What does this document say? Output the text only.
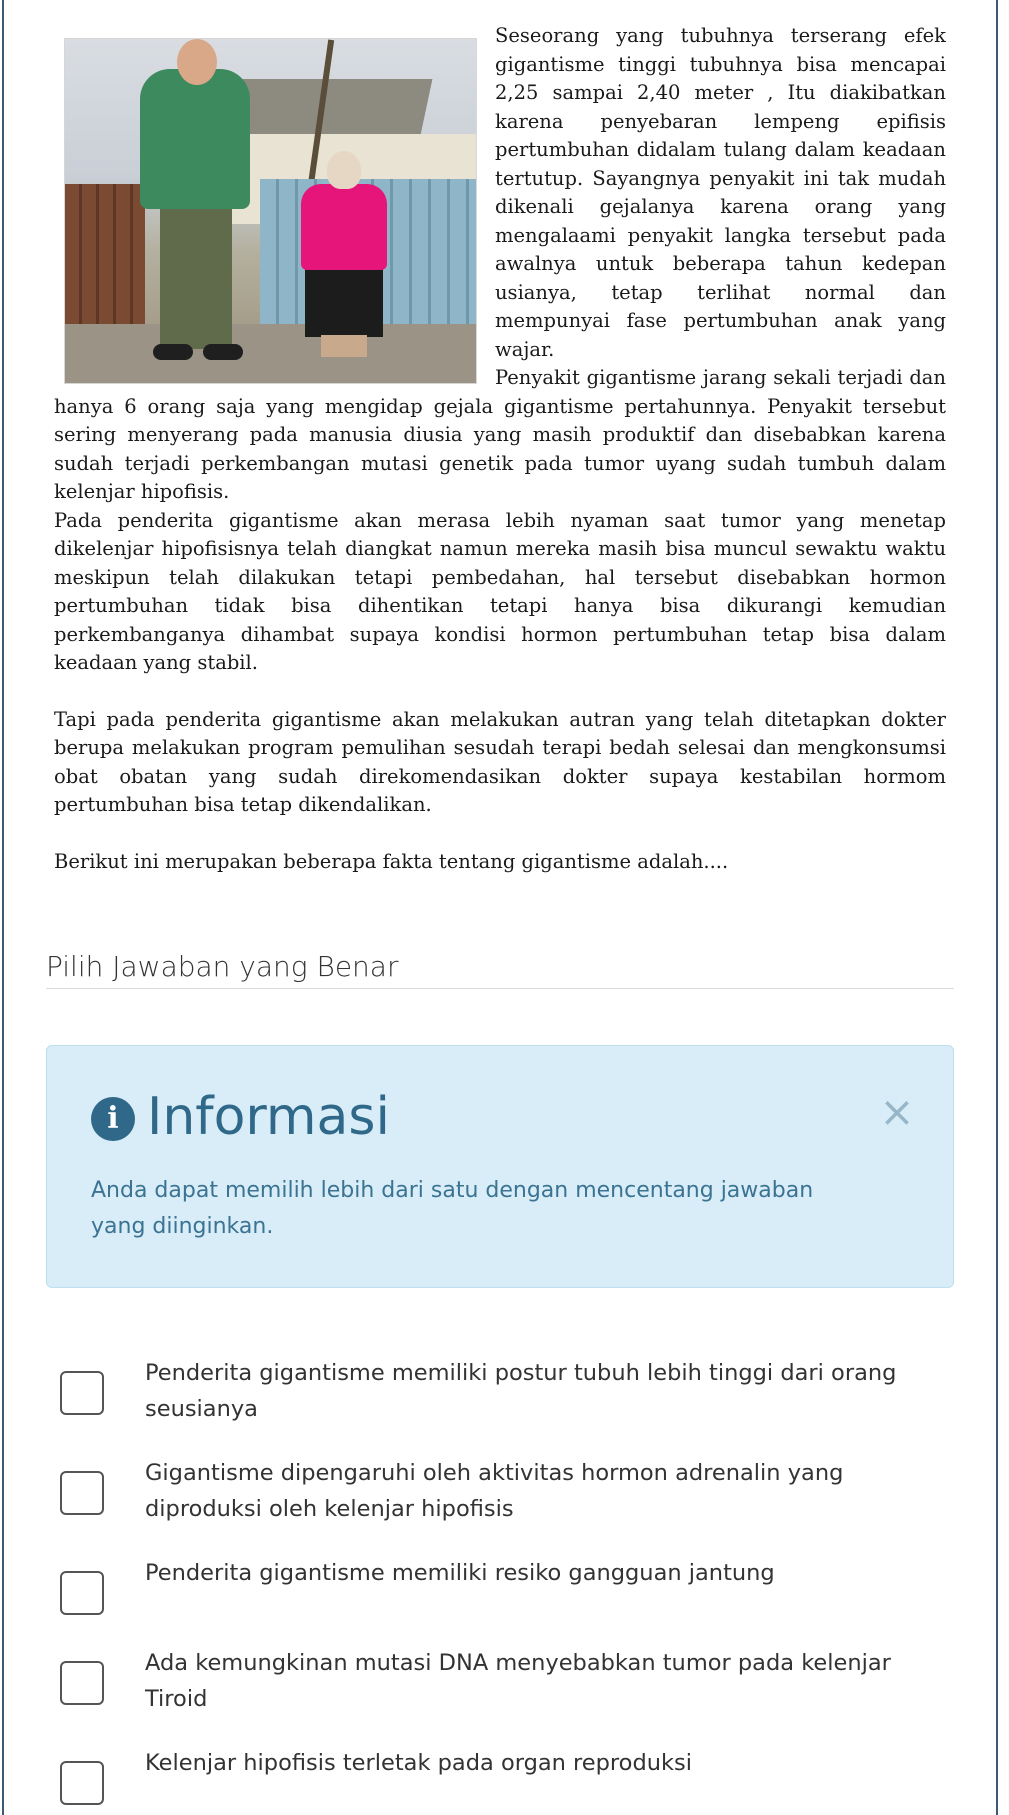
Seseorang yang tubuhnya terserang efek gigantisme tinggi tubuhnya bisa mencapai 2,25 sampai 2,40 meter , Itu diakibatkan karena penyebaran lempeng epifisis pertumbuhan didalam tulang dalam keadaan tertutup. Sayangnya penyakit ini tak mudah dikenali gejalanya karena orang yang mengalaami penyakit langka tersebut pada awalnya untuk beberapa tahun kedepan usianya, tetap terlihat normal dan mempunyai fase pertumbuhan anak yang wajar.

Penyakit gigantisme jarang sekali terjadi dan hanya 6 orang saja yang mengidap gejala gigantisme pertahunnya. Penyakit tersebut sering menyerang pada manusia diusia yang masih produktif dan disebabkan karena sudah terjadi perkembangan mutasi genetik pada tumor uyang sudah tumbuh dalam kelenjar hipofisis.

Pada penderita gigantisme akan merasa lebih nyaman saat tumor yang menetap dikelenjar hipofisisnya telah diangkat namun mereka masih bisa muncul sewaktu waktu meskipun telah dilakukan tetapi pembedahan, hal tersebut disebabkan hormon pertumbuhan tidak bisa dihentikan tetapi hanya bisa dikurangi kemudian perkembanganya dihambat supaya kondisi hormon pertumbuhan tetap bisa dalam keadaan yang stabil.

Tapi pada penderita gigantisme akan melakukan autran yang telah ditetapkan dokter berupa melakukan program pemulihan sesudah terapi bedah selesai dan mengkonsumsi obat obatan yang sudah direkomendasikan dokter supaya kestabilan hormom pertumbuhan bisa tetap dikendalikan.

Berikut ini merupakan beberapa fakta tentang gigantisme adalah....

Pilih Jawaban yang Benar
i Informasi	×
Anda dapat memilih lebih dari satu dengan mencentang jawaban yang diinginkan.
Penderita gigantisme memiliki postur tubuh lebih tinggi dari orang seusianya
Gigantisme dipengaruhi oleh aktivitas hormon adrenalin yang diproduksi oleh kelenjar hipofisis
Penderita gigantisme memiliki resiko gangguan jantung
Ada kemungkinan mutasi DNA menyebabkan tumor pada kelenjar Tiroid
Kelenjar hipofisis terletak pada organ reproduksi
